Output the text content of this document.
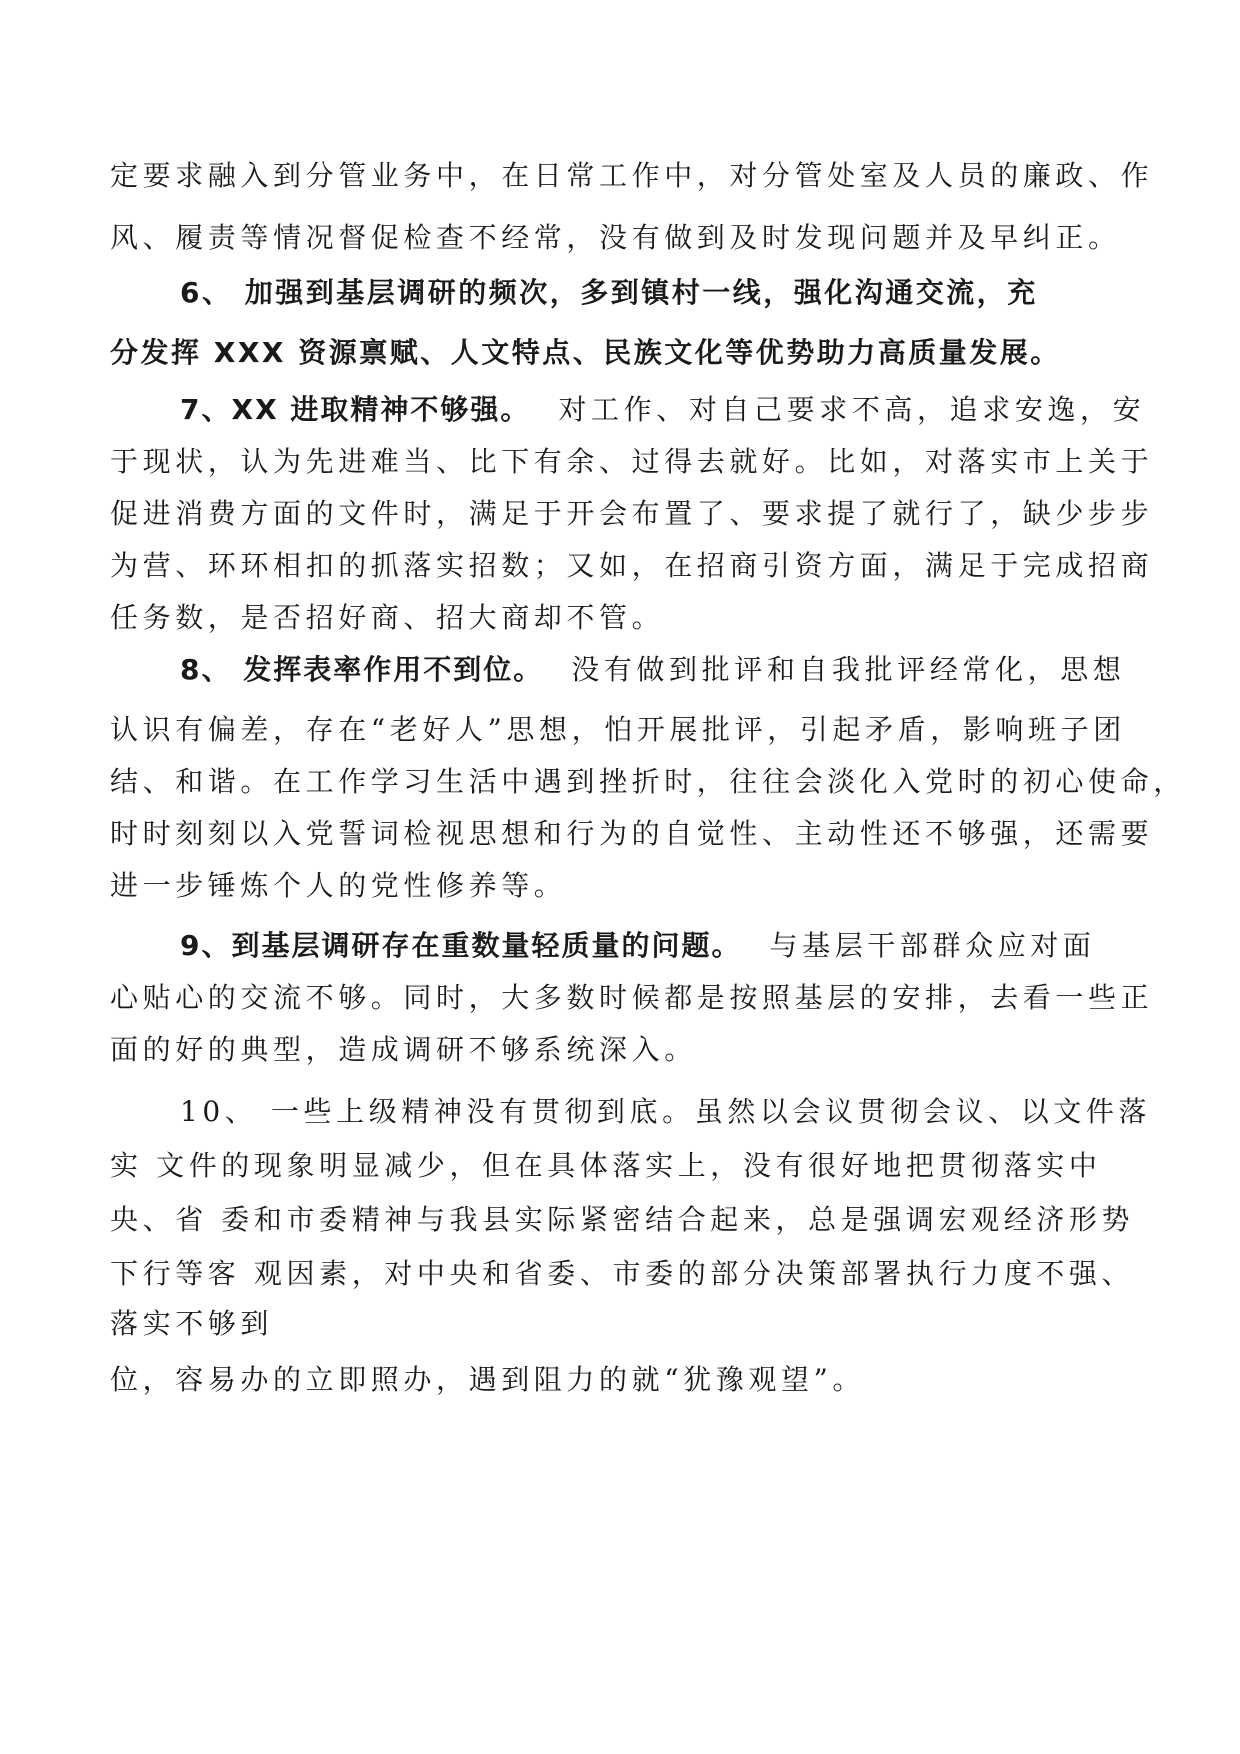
定要求融入到分管业务中，在日常工作中，对分管处室及人员的廉政、作
风、履责等情况督促检查不经常，没有做到及时发现问题并及早纠正。
6、 加强到基层调研的频次，多到镇村一线，强化沟通交流，充
分发挥 XXX 资源禀赋、人文特点、民族文化等优势助力高质量发展。
7、XX 进取精神不够强。 对工作、对自己要求不高，追求安逸，安
于现状，认为先进难当、比下有余、过得去就好。比如，对落实市上关于
促进消费方面的文件时，满足于开会布置了、要求提了就行了，缺少步步
为营、环环相扣的抓落实招数；又如，在招商引资方面，满足于完成招商
任务数，是否招好商、招大商却不管。
8、 发挥表率作用不到位。 没有做到批评和自我批评经常化，思想
认识有偏差，存在“老好人”思想，怕开展批评，引起矛盾，影响班子团
结、和谐。在工作学习生活中遇到挫折时，往往会淡化入党时的初心使命，
时时刻刻以入党誓词检视思想和行为的自觉性、主动性还不够强，还需要
进一步锤炼个人的党性修养等。
9、到基层调研存在重数量轻质量的问题。 与基层干部群众应对面
心贴心的交流不够。同时，大多数时候都是按照基层的安排，去看一些正
面的好的典型，造成调研不够系统深入。
10、 一些上级精神没有贯彻到底。虽然以会议贯彻会议、以文件落
实 文件的现象明显减少，但在具体落实上，没有很好地把贯彻落实中
央、省 委和市委精神与我县实际紧密结合起来，总是强调宏观经济形势
下行等客 观因素，对中央和省委、市委的部分决策部署执行力度不强、
落实不够到
位，容易办的立即照办，遇到阻力的就“犹豫观望”。
